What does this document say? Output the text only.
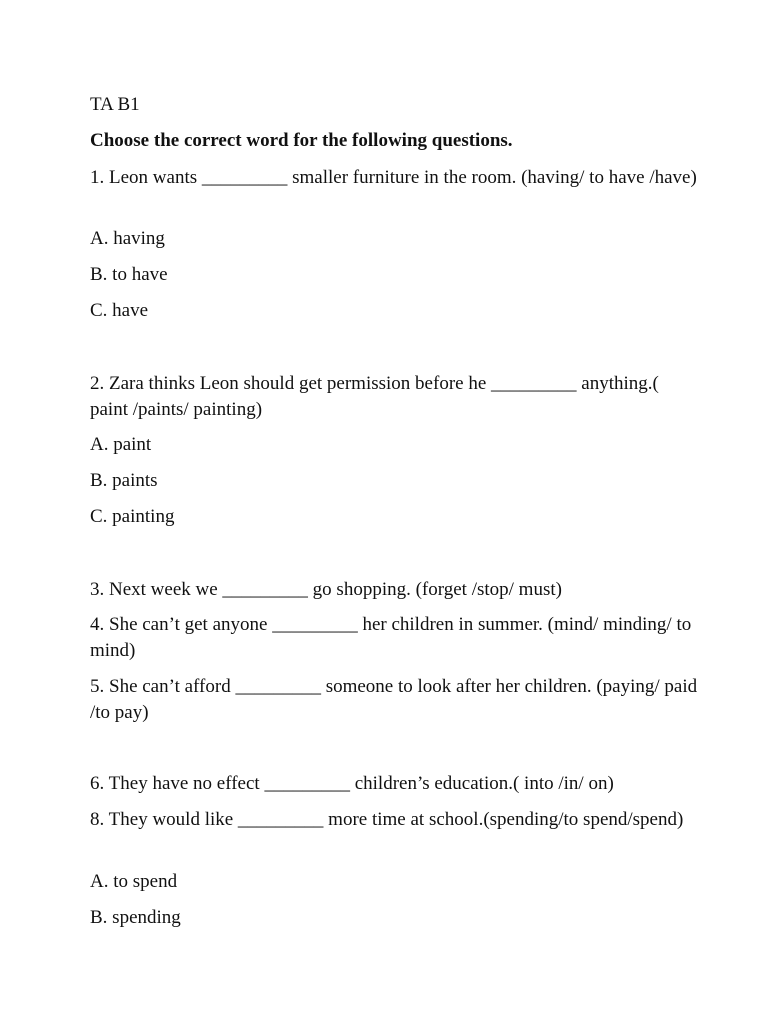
TA B1
Choose the correct word for the following questions.
1. Leon wants _________ smaller furniture in the room. (having/ to have /have)
A. having
B. to have
C. have
2. Zara thinks Leon should get permission before he _________ anything.( paint /paints/ painting)
A. paint
B. paints
C. painting
3. Next week we _________ go shopping. (forget /stop/ must)
4. She can’t get anyone _________ her children in summer. (mind/ minding/ to mind)
5. She can’t afford _________ someone to look after her children. (paying/ paid /to pay)
6. They have no effect _________ children’s education.( into /in/ on)
8. They would like _________ more time at school.(spending/to spend/spend)
A. to spend
B. spending
